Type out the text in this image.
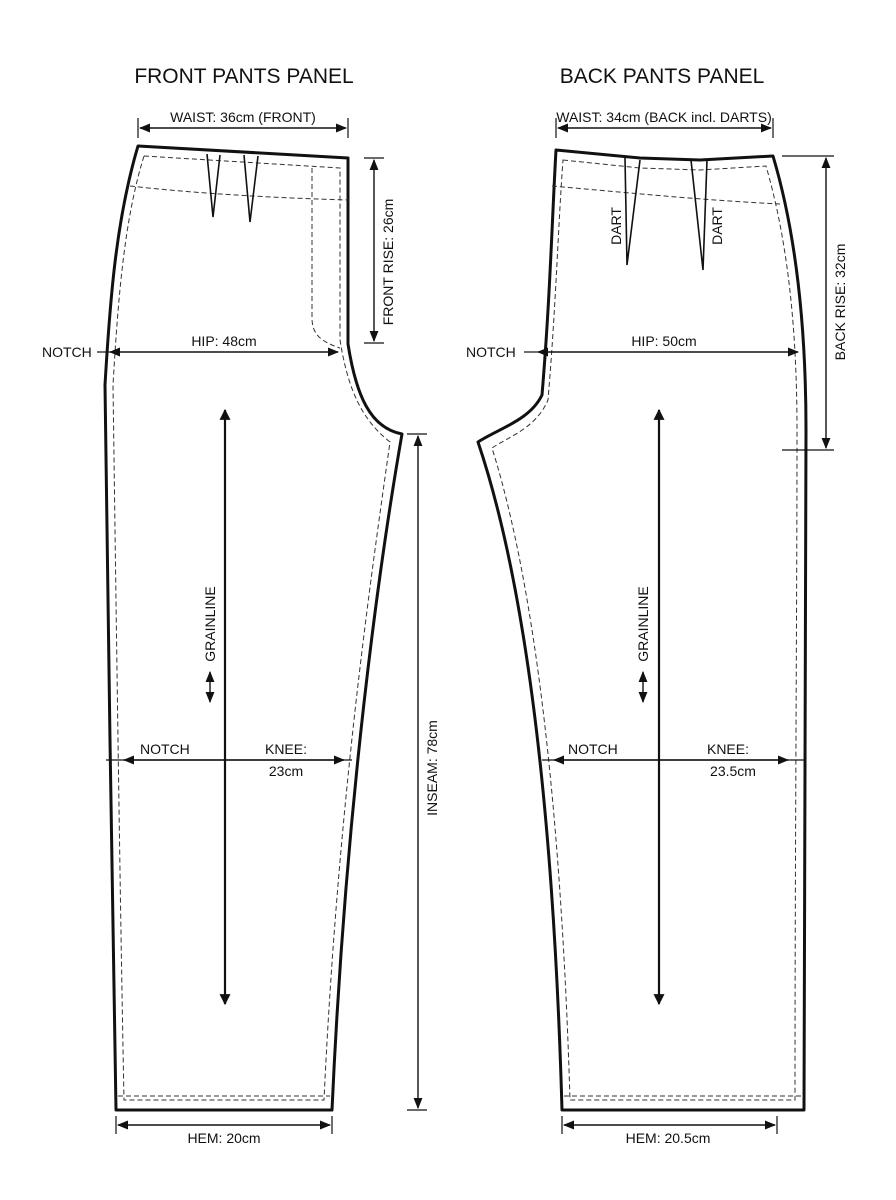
FRONT PANTS PANEL
WAIST: 36cm (FRONT)
FRONT RISE: 26cm
HIP: 48cm
NOTCH
GRAINLINE
NOTCH	KNEE:
23cm	INSEAM: 78cm
HEM: 20cm
BACK PANTS PANEL
WAIST: 34cm (BACK incl. DARTS)
DART	DART
BACK RISE: 32cm
HIP: 50cm
NOTCH
GRAINLINE
NOTCH	KNEE:
23.5cm
HEM: 20.5cm
